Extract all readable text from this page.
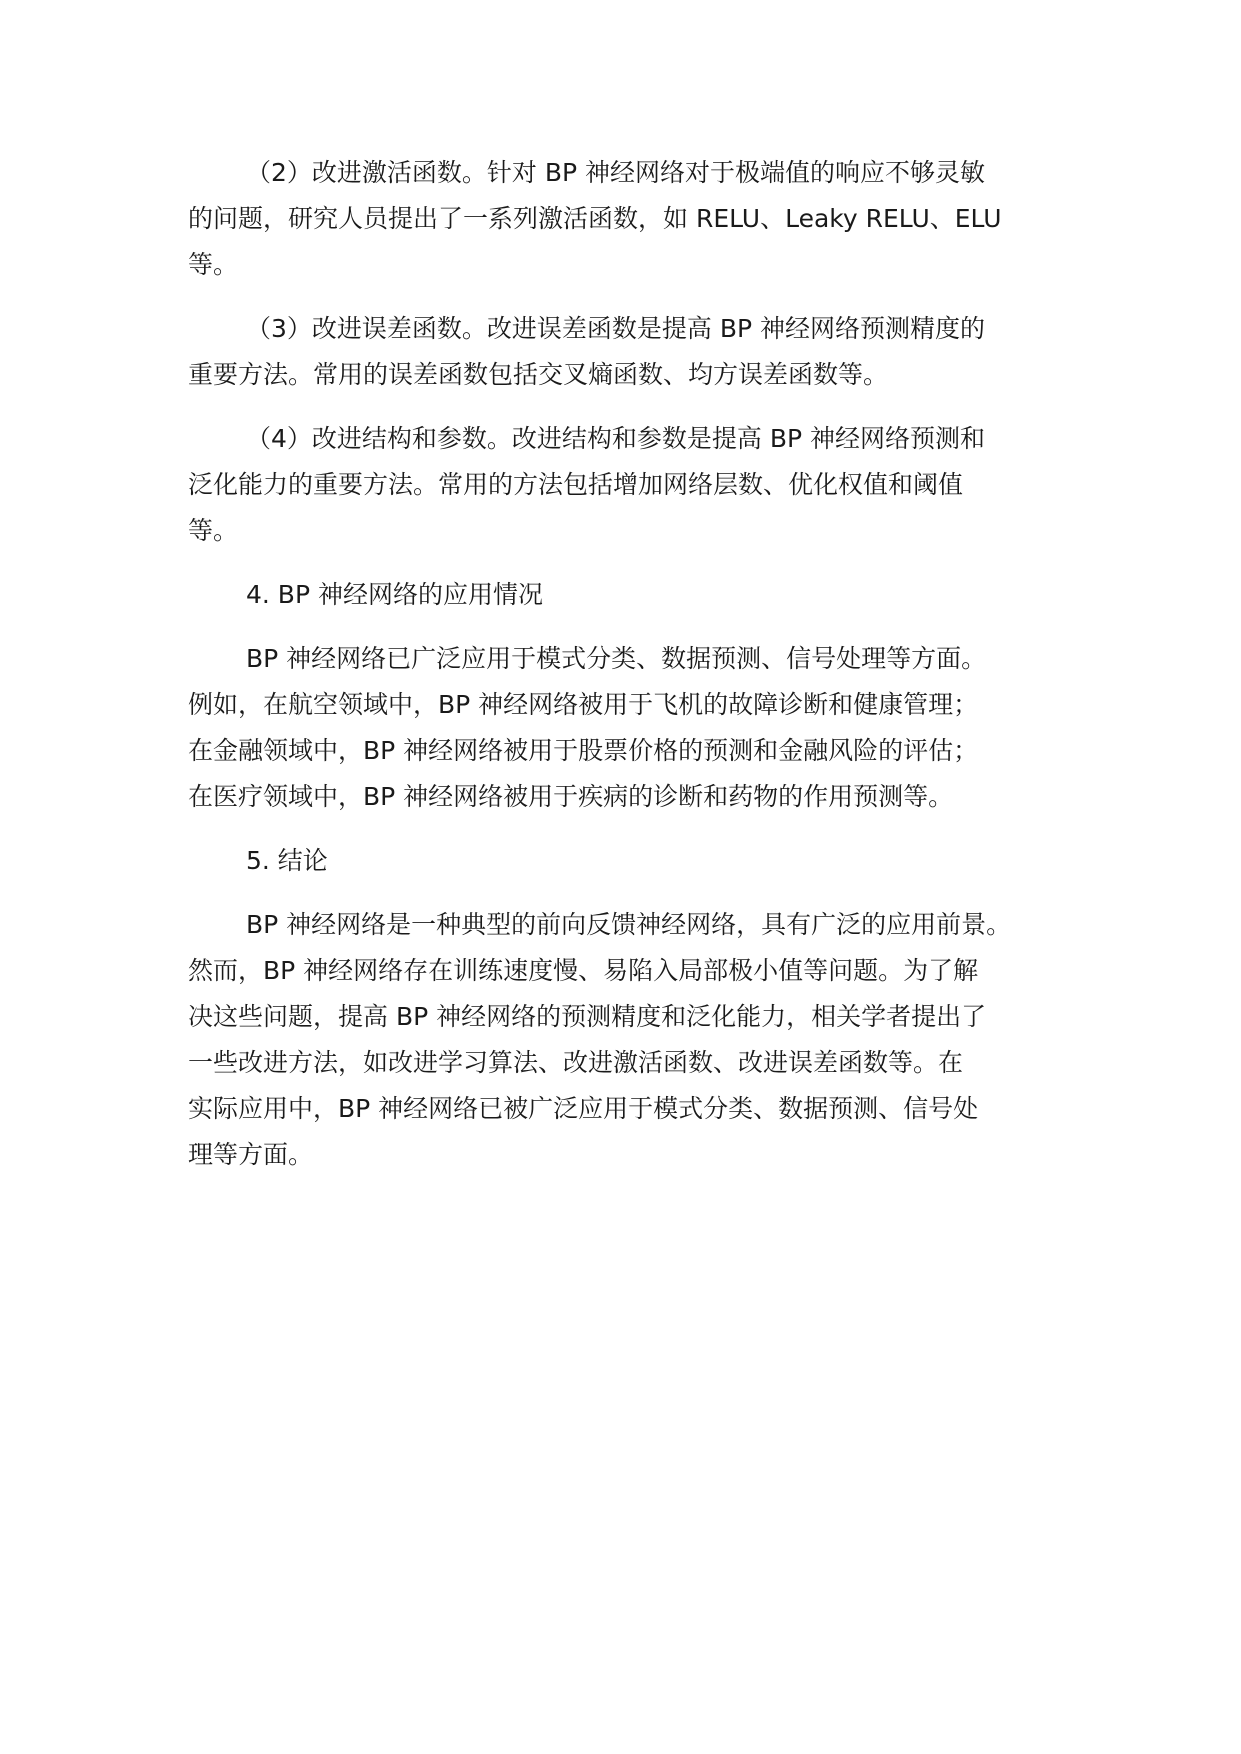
（2）改进激活函数。针对 BP 神经网络对于极端值的响应不够灵敏
的问题，研究人员提出了一系列激活函数，如 RELU、Leaky RELU、ELU
等。

（3）改进误差函数。改进误差函数是提高 BP 神经网络预测精度的
重要方法。常用的误差函数包括交叉熵函数、均方误差函数等。

（4）改进结构和参数。改进结构和参数是提高 BP 神经网络预测和
泛化能力的重要方法。常用的方法包括增加网络层数、优化权值和阈值
等。

4. BP 神经网络的应用情况

BP 神经网络已广泛应用于模式分类、数据预测、信号处理等方面。
例如，在航空领域中，BP 神经网络被用于飞机的故障诊断和健康管理；
在金融领域中，BP 神经网络被用于股票价格的预测和金融风险的评估；
在医疗领域中，BP 神经网络被用于疾病的诊断和药物的作用预测等。

5. 结论

BP 神经网络是一种典型的前向反馈神经网络，具有广泛的应用前景。
然而，BP 神经网络存在训练速度慢、易陷入局部极小值等问题。为了解
决这些问题，提高 BP 神经网络的预测精度和泛化能力，相关学者提出了
一些改进方法，如改进学习算法、改进激活函数、改进误差函数等。在
实际应用中，BP 神经网络已被广泛应用于模式分类、数据预测、信号处
理等方面。
